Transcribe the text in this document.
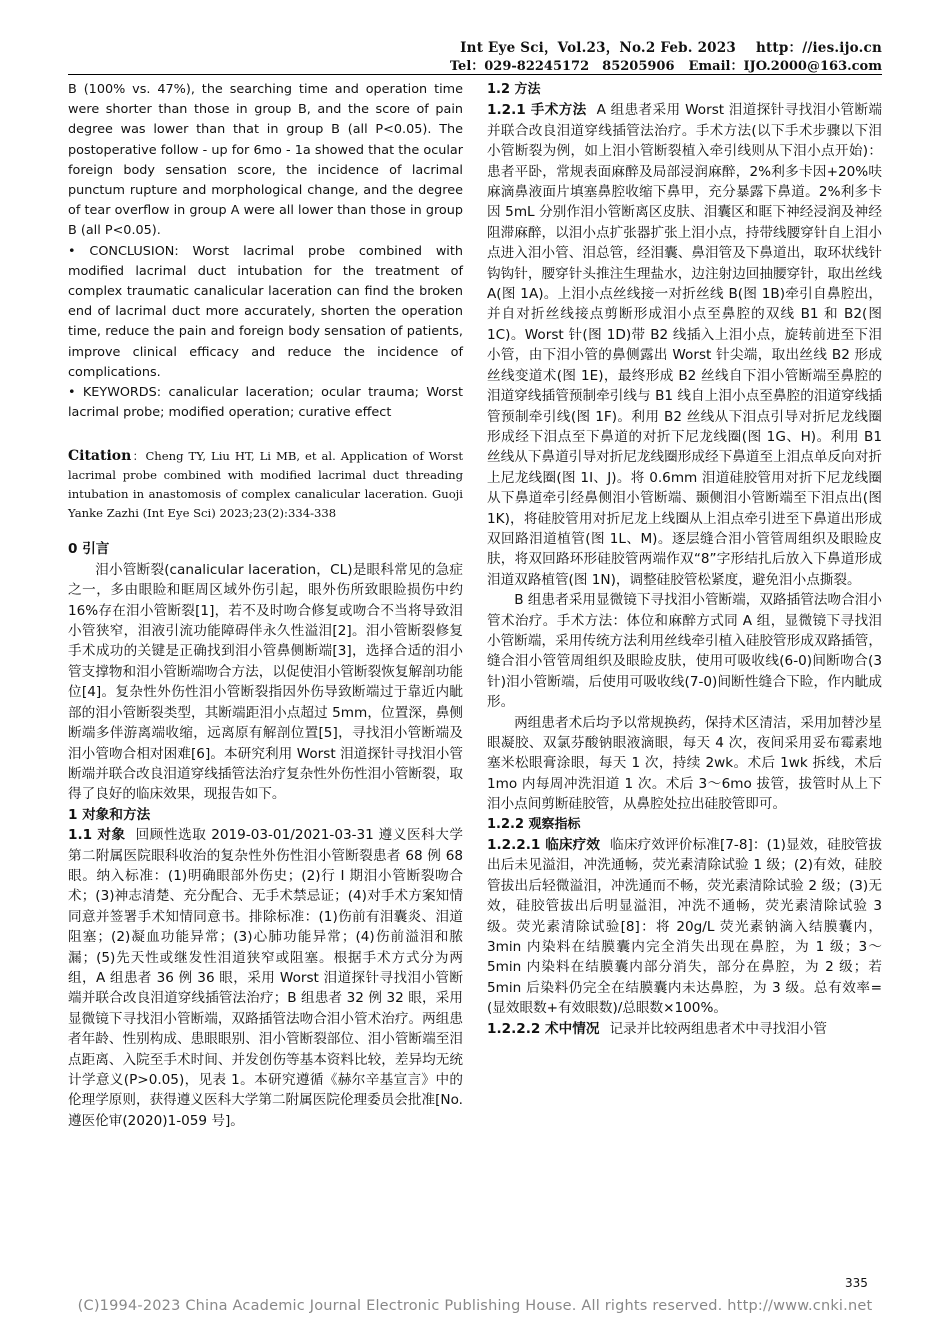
Int Eye Sci，Vol.23，No.2 Feb. 2023 http：//ies.ijo.cn
Tel：029-82245172　85205906 Email：IJO.2000@163.com

B (100% vs. 47%), the searching time and operation time were shorter than those in group B, and the score of pain degree was lower than that in group B (all P<0.05). The postoperative follow - up for 6mo - 1a showed that the ocular foreign body sensation score, the incidence of lacrimal punctum rupture and morphological change, and the degree of tear overflow in group A were all lower than those in group B (all P<0.05).

• CONCLUSION: Worst lacrimal probe combined with modified lacrimal duct intubation for the treatment of complex traumatic canalicular laceration can find the broken end of lacrimal duct more accurately, shorten the operation time, reduce the pain and foreign body sensation of patients, improve clinical efficacy and reduce the incidence of complications.

• KEYWORDS: canalicular laceration; ocular trauma; Worst lacrimal probe; modified operation; curative effect

Citation：Cheng TY, Liu HT, Li MB, et al. Application of Worst lacrimal probe combined with modified lacrimal duct threading intubation in anastomosis of complex canalicular laceration. Guoji Yanke Zazhi (Int Eye Sci) 2023;23(2):334-338
0 引言

泪小管断裂(canalicular laceration，CL)是眼科常见的急症之一，多由眼睑和眶周区域外伤引起，眼外伤所致眼睑损伤中约 16%存在泪小管断裂[1]，若不及时吻合修复或吻合不当将导致泪小管狭窄，泪液引流功能障碍伴永久性溢泪[2]。泪小管断裂修复手术成功的关键是正确找到泪小管鼻侧断端[3]，选择合适的泪小管支撑物和泪小管断端吻合方法，以促使泪小管断裂恢复解剖功能位[4]。复杂性外伤性泪小管断裂指因外伤导致断端过于靠近内眦部的泪小管断裂类型，其断端距泪小点超过 5mm，位置深，鼻侧断端多伴游离端收缩，远离原有解剖位置[5]，寻找泪小管断端及泪小管吻合相对困难[6]。本研究利用 Worst 泪道探针寻找泪小管断端并联合改良泪道穿线插管法治疗复杂性外伤性泪小管断裂，取得了良好的临床效果，现报告如下。

1 对象和方法
1.1 对象 回顾性选取 2019-03-01/2021-03-31 遵义医科大学第二附属医院眼科收治的复杂性外伤性泪小管断裂患者 68 例 68 眼。纳入标准：(1)明确眼部外伤史；(2)行 I 期泪小管断裂吻合术；(3)神志清楚、充分配合、无手术禁忌证；(4)对手术方案知情同意并签署手术知情同意书。排除标准：(1)伤前有泪囊炎、泪道阻塞；(2)凝血功能异常；(3)心肺功能异常；(4)伤前溢泪和脓漏；(5)先天性或继发性泪道狭窄或阻塞。根据手术方式分为两组，A 组患者 36 例 36 眼，采用 Worst 泪道探针寻找泪小管断端并联合改良泪道穿线插管法治疗；B 组患者 32 例 32 眼，采用显微镜下寻找泪小管断端，双路插管法吻合泪小管术治疗。两组患者年龄、性别构成、患眼眼别、泪小管断裂部位、泪小管断端至泪点距离、入院至手术时间、并发创伤等基本资料比较，差异均无统计学意义(P>0.05)，见表 1。本研究遵循《赫尔辛基宣言》中的伦理学原则，获得遵义医科大学第二附属医院伦理委员会批准[No.遵医伦审(2020)1-059 号]。
1.2 方法
1.2.1 手术方法 A 组患者采用 Worst 泪道探针寻找泪小管断端并联合改良泪道穿线插管法治疗。手术方法(以下手术步骤以下泪小管断裂为例，如上泪小管断裂植入牵引线则从下泪小点开始)：患者平卧，常规表面麻醉及局部浸润麻醉，2%利多卡因+20%呋麻滴鼻液面片填塞鼻腔收缩下鼻甲，充分暴露下鼻道。2%利多卡因 5mL 分别作泪小管断离区皮肤、泪囊区和眶下神经浸润及神经阻滞麻醉，以泪小点扩张器扩张上泪小点，持带线腰穿针自上泪小点进入泪小管、泪总管，经泪囊、鼻泪管及下鼻道出，取环状线针钩钩针，腰穿针头推注生理盐水，边注射边回抽腰穿针，取出丝线 A(图 1A)。上泪小点丝线接一对折丝线 B(图 1B)牵引自鼻腔出，并自对折丝线接点剪断形成泪小点至鼻腔的双线 B1 和 B2(图 1C)。Worst 针(图 1D)带 B2 线插入上泪小点，旋转前进至下泪小管，由下泪小管的鼻侧露出 Worst 针尖端，取出丝线 B2 形成丝线变道术(图 1E)，最终形成 B2 丝线自下泪小管断端至鼻腔的泪道穿线插管预制牵引线与 B1 线自上泪小点至鼻腔的泪道穿线插管预制牵引线(图 1F)。利用 B2 丝线从下泪点引导对折尼龙线圈形成经下泪点至下鼻道的对折下尼龙线圈(图 1G、H)。利用 B1 丝线从下鼻道引导对折尼龙线圈形成经下鼻道至上泪点单反向对折上尼龙线圈(图 1I、J)。将 0.6mm 泪道硅胶管用对折下尼龙线圈从下鼻道牵引经鼻侧泪小管断端、颞侧泪小管断端至下泪点出(图 1K)，将硅胶管用对折尼龙上线圈从上泪点牵引进至下鼻道出形成双回路泪道植管(图 1L、M)。逐层缝合泪小管管周组织及眼睑皮肤，将双回路环形硅胶管两端作双“8”字形结扎后放入下鼻道形成泪道双路植管(图 1N)，调整硅胶管松紧度，避免泪小点撕裂。

B 组患者采用显微镜下寻找泪小管断端，双路插管法吻合泪小管术治疗。手术方法：体位和麻醉方式同 A 组，显微镜下寻找泪小管断端，采用传统方法利用丝线牵引植入硅胶管形成双路插管，缝合泪小管管周组织及眼睑皮肤，使用可吸收线(6-0)间断吻合(3 针)泪小管断端，后使用可吸收线(7-0)间断性缝合下睑，作内眦成形。

两组患者术后均予以常规换药，保持术区清洁，采用加替沙星眼凝胶、双氯芬酸钠眼液滴眼，每天 4 次，夜间采用妥布霉素地塞米松眼膏涂眼，每天 1 次，持续 2wk。术后 1wk 拆线，术后 1mo 内每周冲洗泪道 1 次。术后 3～6mo 拔管，拔管时从上下泪小点间剪断硅胶管，从鼻腔处拉出硅胶管即可。

1.2.2 观察指标
1.2.2.1 临床疗效 临床疗效评价标准[7-8]：(1)显效，硅胶管拔出后未见溢泪，冲洗通畅，荧光素清除试验 1 级；(2)有效，硅胶管拔出后轻微溢泪，冲洗通而不畅，荧光素清除试验 2 级；(3)无效，硅胶管拔出后明显溢泪，冲洗不通畅，荧光素清除试验 3 级。荧光素清除试验[8]：将 20g/L 荧光素钠滴入结膜囊内，3min 内染料在结膜囊内完全消失出现在鼻腔，为 1 级；3～5min 内染料在结膜囊内部分消失，部分在鼻腔，为 2 级；若 5min 后染料仍完全在结膜囊内未达鼻腔，为 3 级。总有效率=(显效眼数+有效眼数)/总眼数×100%。
1.2.2.2 术中情况 记录并比较两组患者术中寻找泪小管
335
(C)1994-2023 China Academic Journal Electronic Publishing House. All rights reserved. http://www.cnki.net
